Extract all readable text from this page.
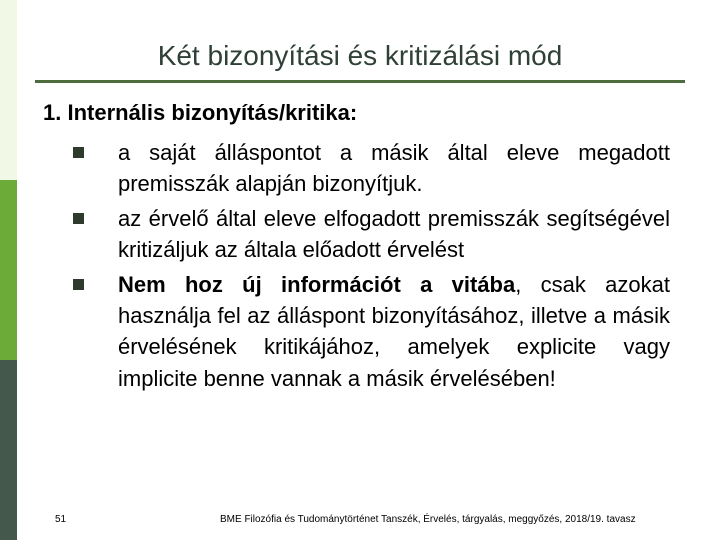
Két bizonyítási és kritizálási mód
1. Internális bizonyítás/kritika:
a saját álláspontot a másik által eleve megadott premisszák alapján bizonyítjuk.
az érvelő által eleve elfogadott premisszák segítségével kritizáljuk az általa előadott érvelést
Nem hoz új információt a vitába, csak azokat használja fel az álláspont bizonyításához, illetve a másik érvelésének kritikájához, amelyek explicite vagy implicite benne vannak a másik érvelésében!
51	BME Filozófia és Tudománytörténet Tanszék, Érvelés, tárgyalás, meggyőzés, 2018/19. tavasz
